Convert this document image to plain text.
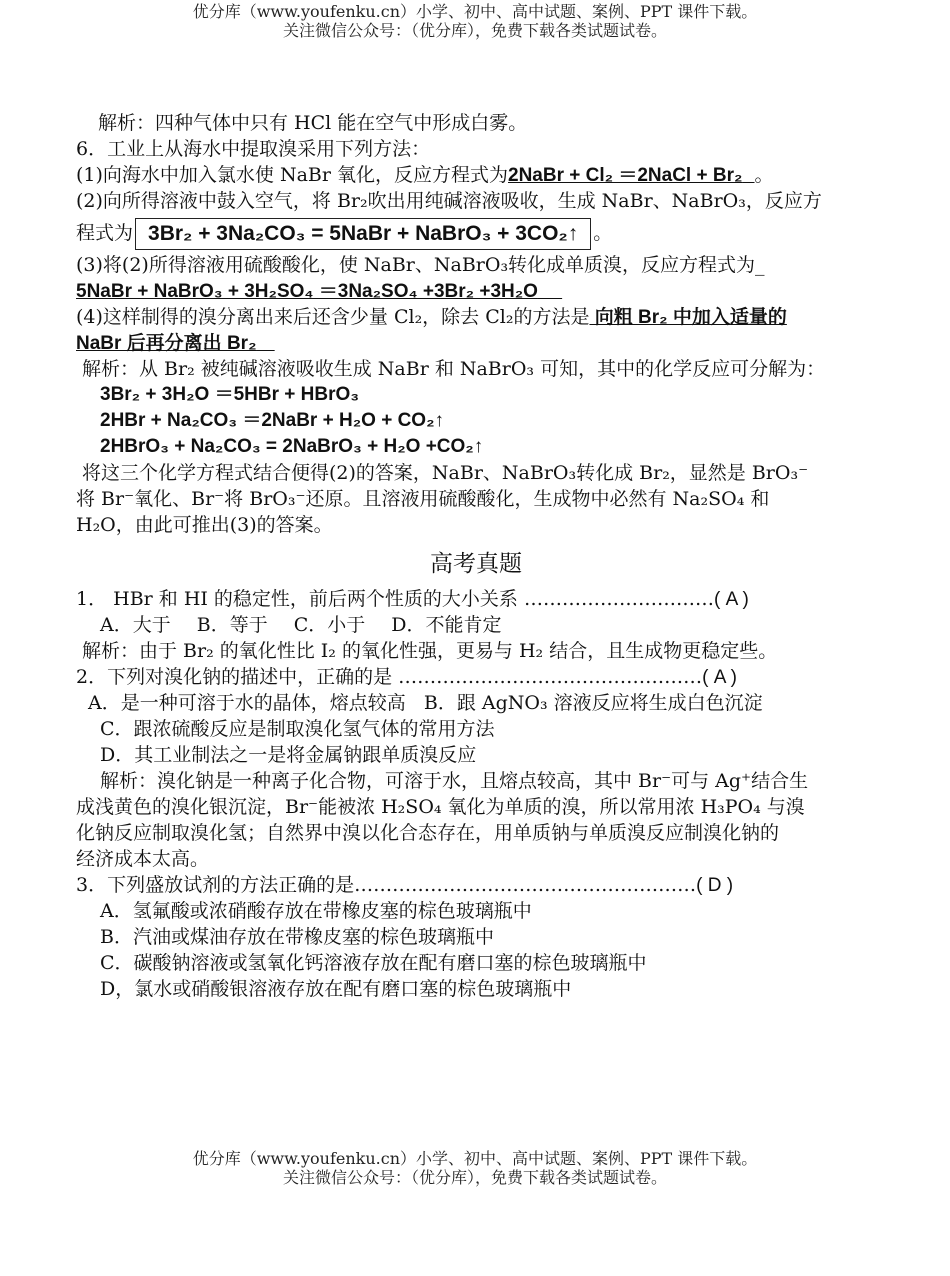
优分库（www.youfenku.cn）小学、初中、高中试题、案例、PPT 课件下载。
关注微信公众号：（优分库），免费下载各类试题试卷。
解析：四种气体中只有 HCl 能在空气中形成白雾。
6．工业上从海水中提取溴采用下列方法：
(1)向海水中加入氯水使 NaBr 氧化，反应方程式为2NaBr + Cl₂ ＝2NaCl + Br₂ 。
(2)向所得溶液中鼓入空气，将 Br₂吹出用纯碱溶液吸收，生成 NaBr、NaBrO₃，反应方
程式为 3Br₂ + 3Na₂CO₃ = 5NaBr + NaBrO₃ + 3CO₂↑ 。
(3)将(2)所得溶液用硫酸酸化，使 NaBr、NaBrO₃转化成单质溴，反应方程式为_
5NaBr + NaBrO₃ + 3H₂SO₄ ＝3Na₂SO₄ +3Br₂ +3H₂O
(4)这样制得的溴分离出来后还含少量 Cl₂，除去 Cl₂的方法是 向粗 Br₂ 中加入适量的
NaBr 后再分离出 Br₂
解析：从 Br₂ 被纯碱溶液吸收生成 NaBr 和 NaBrO₃ 可知，其中的化学反应可分解为：
3Br₂ + 3H₂O ＝5HBr + HBrO₃
2HBr + Na₂CO₃ ＝2NaBr + H₂O + CO₂↑
2HBrO₃ + Na₂CO₃ = 2NaBrO₃ + H₂O +CO₂↑
将这三个化学方程式结合便得(2)的答案，NaBr、NaBrO₃转化成 Br₂，显然是 BrO₃⁻
将 Br⁻氧化、Br⁻将 BrO₃⁻还原。且溶液用硫酸酸化，生成物中必然有 Na₂SO₄ 和
H₂O，由此可推出(3)的答案。
高考真题
1． HBr 和 HI 的稳定性，前后两个性质的大小关系 …………………………( A )
A．大于 B．等于 C．小于 D．不能肯定
解析：由于 Br₂ 的氧化性比 I₂ 的氧化性强，更易与 H₂ 结合，且生成物更稳定些。
2．下列对溴化钠的描述中，正确的是 …………………………………………( A )
A．是一种可溶于水的晶体，熔点较高 B．跟 AgNO₃ 溶液反应将生成白色沉淀
C．跟浓硫酸反应是制取溴化氢气体的常用方法
D．其工业制法之一是将金属钠跟单质溴反应
解析：溴化钠是一种离子化合物，可溶于水，且熔点较高，其中 Br⁻可与 Ag⁺结合生
成浅黄色的溴化银沉淀，Br⁻能被浓 H₂SO₄ 氧化为单质的溴，所以常用浓 H₃PO₄ 与溴
化钠反应制取溴化氢；自然界中溴以化合态存在，用单质钠与单质溴反应制溴化钠的
经济成本太高。
3．下列盛放试剂的方法正确的是………………………………………………( D )
A．氢氟酸或浓硝酸存放在带橡皮塞的棕色玻璃瓶中
B．汽油或煤油存放在带橡皮塞的棕色玻璃瓶中
C．碳酸钠溶液或氢氧化钙溶液存放在配有磨口塞的棕色玻璃瓶中
D，氯水或硝酸银溶液存放在配有磨口塞的棕色玻璃瓶中
优分库（www.youfenku.cn）小学、初中、高中试题、案例、PPT 课件下载。
关注微信公众号：（优分库），免费下载各类试题试卷。
